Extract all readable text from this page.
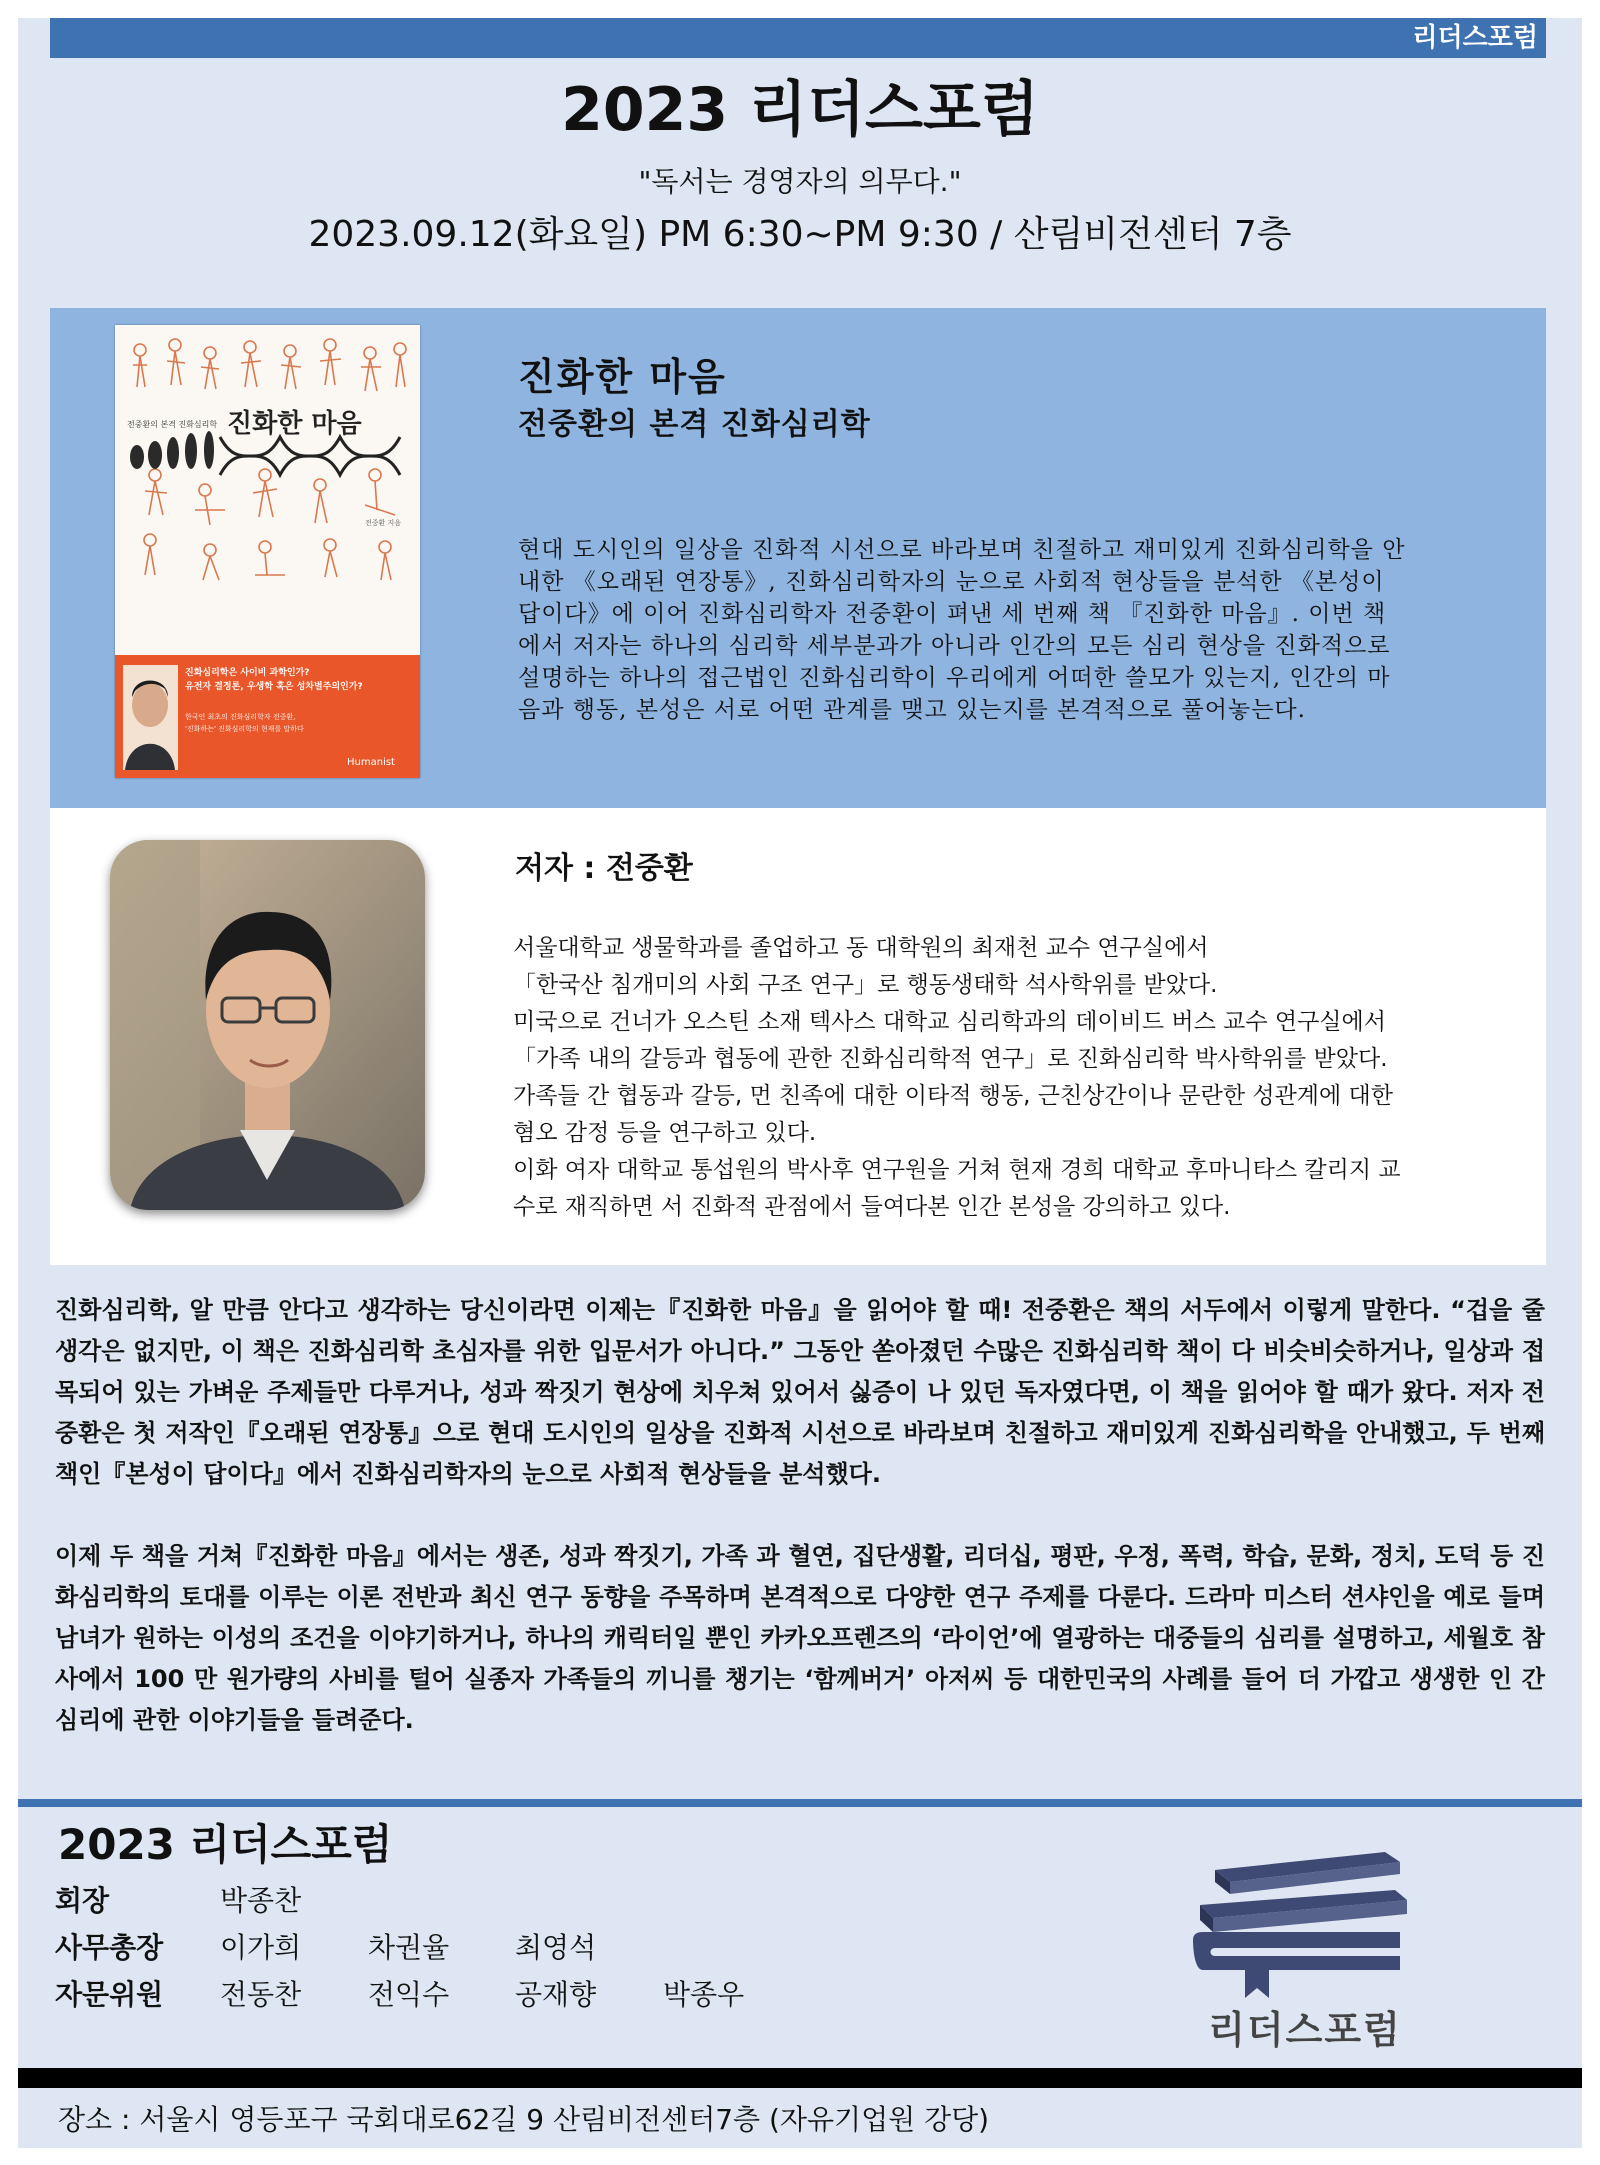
리더스포럼
2023 리더스포럼
"독서는 경영자의 의무다."
2023.09.12(화요일) PM 6:30~PM 9:30 / 산림비전센터 7층
전중환의 본격 진화심리학 진화한 마음
전중환 지음
진화심리학은 사이비 과학인가?
유전자 결정론, 우생학 혹은 성차별주의인가?
한국인 최초의 진화심리학자 전중환,
'진화하는' 진화심리학의 현재를 말하다
Humanist
진화한 마음
전중환의 본격 진화심리학
현대 도시인의 일상을 진화적 시선으로 바라보며 친절하고 재미있게 진화심리학을 안
내한 《오래된 연장통》, 진화심리학자의 눈으로 사회적 현상들을 분석한 《본성이
답이다》에 이어 진화심리학자 전중환이 펴낸 세 번째 책 『진화한 마음』. 이번 책
에서 저자는 하나의 심리학 세부분과가 아니라 인간의 모든 심리 현상을 진화적으로
설명하는 하나의 접근법인 진화심리학이 우리에게 어떠한 쓸모가 있는지, 인간의 마
음과 행동, 본성은 서로 어떤 관계를 맺고 있는지를 본격적으로 풀어놓는다.
저자 : 전중환
서울대학교 생물학과를 졸업하고 동 대학원의 최재천 교수 연구실에서
「한국산 침개미의 사회 구조 연구」로 행동생태학 석사학위를 받았다.
미국으로 건너가 오스틴 소재 텍사스 대학교 심리학과의 데이비드 버스 교수 연구실에서
「가족 내의 갈등과 협동에 관한 진화심리학적 연구」로 진화심리학 박사학위를 받았다.
가족들 간 협동과 갈등, 먼 친족에 대한 이타적 행동, 근친상간이나 문란한 성관계에 대한
혐오 감정 등을 연구하고 있다.
이화 여자 대학교 통섭원의 박사후 연구원을 거쳐 현재 경희 대학교 후마니타스 칼리지 교
수로 재직하면 서 진화적 관점에서 들여다본 인간 본성을 강의하고 있다.

진화심리학, 알 만큼 안다고 생각하는 당신이라면 이제는『진화한 마음』을 읽어야 할 때! 전중환은 책의 서두에서 이렇게 말한다. “겁을 줄 생각은 없지만, 이 책은 진화심리학 초심자를 위한 입문서가 아니다.” 그동안 쏟아졌던 수많은 진화심리학 책이 다 비슷비슷하거나, 일상과 접목되어 있는 가벼운 주제들만 다루거나, 성과 짝짓기 현상에 치우쳐 있어서 싫증이 나 있던 독자였다면, 이 책을 읽어야 할 때가 왔다. 저자 전중환은 첫 저작인『오래된 연장통』으로 현대 도시인의 일상을 진화적 시선으로 바라보며 친절하고 재미있게 진화심리학을 안내했고, 두 번째 책인『본성이 답이다』에서 진화심리학자의 눈으로 사회적 현상들을 분석했다.

이제 두 책을 거쳐『진화한 마음』에서는 생존, 성과 짝짓기, 가족 과 혈연, 집단생활, 리더십, 평판, 우정, 폭력, 학습, 문화, 정치, 도덕 등 진화심리학의 토대를 이루는 이론 전반과 최신 연구 동향을 주목하며 본격적으로 다양한 연구 주제를 다룬다. 드라마 미스터 션샤인을 예로 들며 남녀가 원하는 이성의 조건을 이야기하거나, 하나의 캐릭터일 뿐인 카카오프렌즈의 ‘라이언’에 열광하는 대중들의 심리를 설명하고, 세월호 참사에서 100 만 원가량의 사비를 털어 실종자 가족들의 끼니를 챙기는 ‘함께버거’ 아저씨 등 대한민국의 사례를 들어 더 가깝고 생생한 인 간 심리에 관한 이야기들을 들려준다.

2023 리더스포럼
회장	박종찬
사무총장 이가희 차권율 최영석
자문위원 전동찬 전익수 공재향 박종우
리더스포럼
장소 : 서울시 영등포구 국회대로62길 9 산림비전센터7층 (자유기업원 강당)
